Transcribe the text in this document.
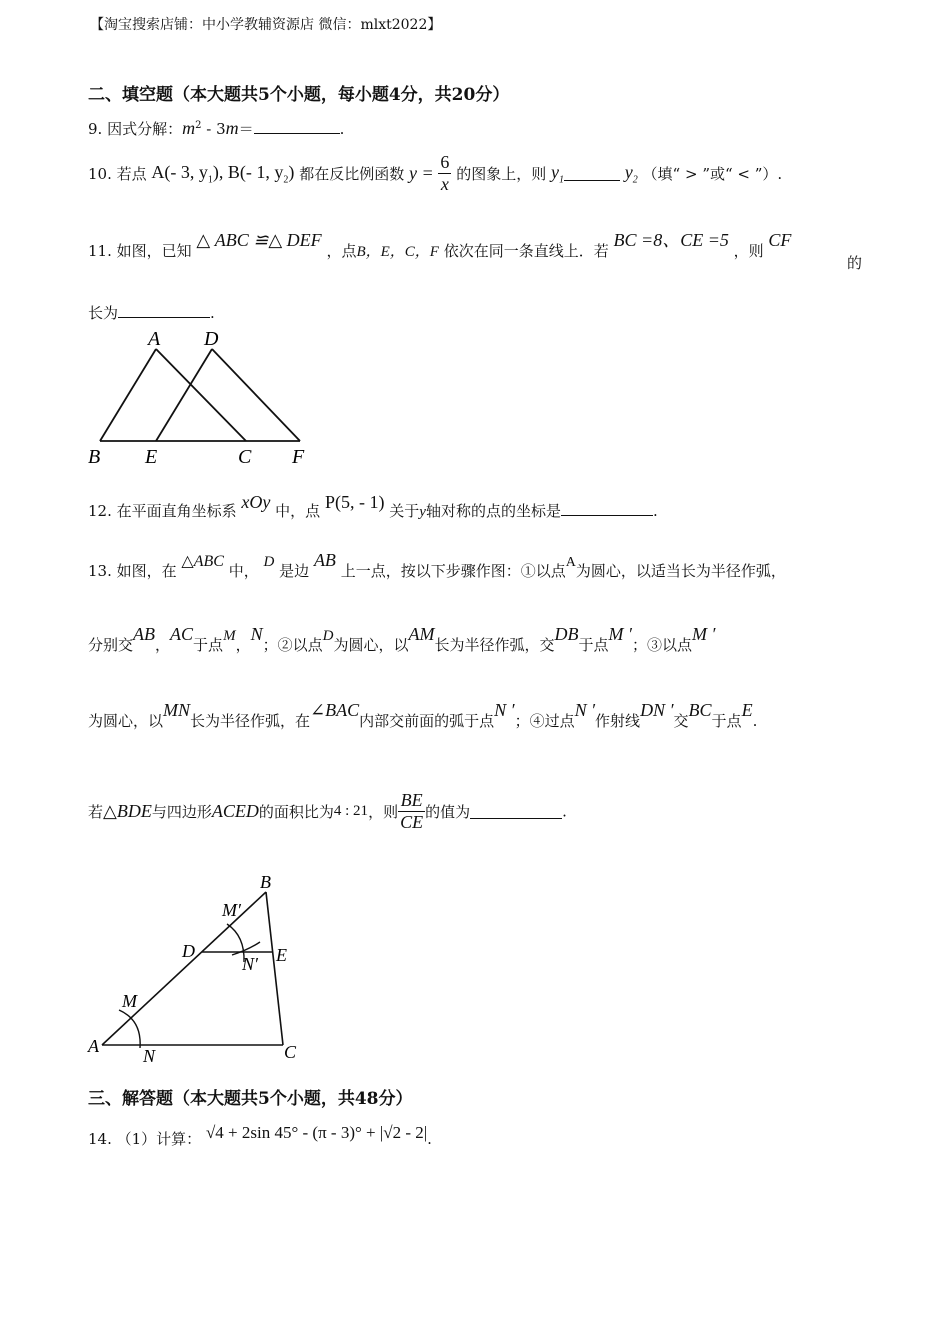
【淘宝搜索店铺：中小学教辅资源店 微信：mlxt2022】
二、填空题（本大题共5个小题，每小题4分，共20分）
9. 因式分解：$m^2 - 3m=$	.
10. 若点 A(- 3, $y_1$), B(- 1, $y_2$) 都在反比例函数 $y = \frac{6}{x}$ 的图象上，则 $y_1$	$y_2$ （填“ > ”或“ < ”）.
11. 如图，已知 △ ABC ≌△ DEF ，点B，E，C，F 依次在同一条直线上．若 BC =8、CE =5 ，则 CF
的
长为	.
A D
B E	C F
12. 在平面直角坐标系 xOy 中，点 P(5, - 1) 关于y轴对称的点的坐标是	.
13. 如图，在 △ABC 中， D 是边 AB 上一点，按以下步骤作图：①以点A为圆心，以适当长为半径作弧，
分别交AB，AC于点M，N；②以点D为圆心，以AM长为半径作弧，交DB于点M ′；③以点M ′
为圆心，以MN长为半径作弧，在∠BAC内部交前面的弧于点N ′；④过点N ′作射线DN ′交BC于点E.
若△BDE与四边形ACED的面积比为4 : 21，则 $\frac{BE}{CE}$ 的值为	.
B
M′
D	E
N′
M
A N	C
三、解答题（本大题共5个小题，共48分）
14. （1）计算： √4 + 2sin 45° - (π - 3)° + |√2 - 2|.
